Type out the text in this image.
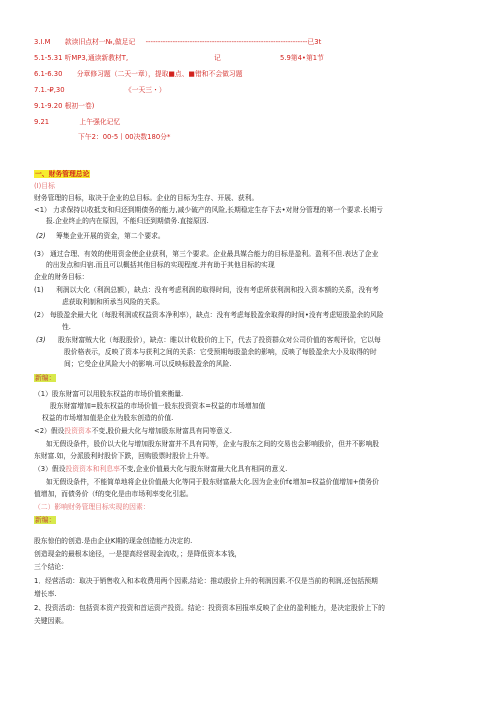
3.I.M 款读旧点材一№,做足记 ------------------------------------------------------------------已3t
5.1-5.31 听MP3,通读新教材T,	记	5.9第4•第1节
6.1-6.30 分章修习题（二天一章），提取■点、■错和不会做习题
7.1.-₽,30	《一天三・）
9.1-9.20 根初一卷)
9.21	上午强化记忆
下午2：00-5丨00决数180分*
一、财务管理总论
(I)目标
财务管理的目标，取决于企业的总目标。企业的目标为生存、开展、获利。
<1） 力求保持以收抵支和归还到期债务的能力,减少破产的风险,长期稳定生存下去•对财分管理的第一个要求.长期亏
报.企业终止的内在原因，不能归还到期债务.直接原因.
(2) 筹集企业开展的资金，第二个要求。
(3） 通过合理、有效的使用资金使企业获利，第三个要求。企业最具媒合能力的目标是盈利。盈利不但.表达了企业
的出发点和归宿.而且可以概括其他目标的实现程度.并有助于其他目标的实现
企业的财务目标：
(1) 利润以大化（利润总额），缺点：没有考虑利润的取得时间，没有考虑所获利润和投入资本额的关系，没有考
虑获取利制和所承当风险的关系。
(2） 每股盈余最大化（每股利润或权益资本净利率），缺点：没有考虑每股盈余取得的时间•没有考虑短股盈余的风险
性.
(3) 股东财富贼大化（每股股价），缺点：睢以计收股价的上下，代去了投资群众对公司价值的客观评价，它以每
股价格表示，反映了资本与获利之间的关系：它受预期每股盈余的影响，反映了每股盈余大小及取得的时
间；它受企业风险大小的影响.可以反映标股盈余的风险.
新编：
（1）股东财富可以用股东权益的市场价值来衡量.
股东财富增加=股东权益的市场价值一股东投资资本=权益的市场增加值
权益的市场增加值是企业为股东创造的价值.
<2）假设投资资本不变,股价最大化与增加股东财富具有同等意义.
如无假设条件，股价以大化与增加股东财富并不具有同等，企业与股东之间的交易也会影响股价，但并不影响股
东财富.如，分派股利时股价下跌，回购股票时股价上升等。
（3）假设投资资本和利息率不变,企业价值最大化与股东财富最大化具有相同的意义.
如无假设条件，不能简单地将企业价值最大化等同于股东财富最大化.因为企业价f¢增加=权益价值增加+债务价
值增加，而债务价（f的变化是由市场利率变化引起。
（二）影响财务管理目标实现的因素：
新编：
股东惊伯的创造.是由企业K期的现金创造能力决定的.
创造现金的最根本途径，一是提高经营现金流收，；是降低资本本钱，
三个结论：
1．经营活动：取决于销售收入和本收费用两个因素,结论：推动股价上升的利润因素.不仅是当前的利润,还包括预期
增长率.
2、投资活动：包括资本资产投资和首运资产投资。结论：投资资本回报率反映了企业的盈利能力，是决定股价上下的
关键因素。
